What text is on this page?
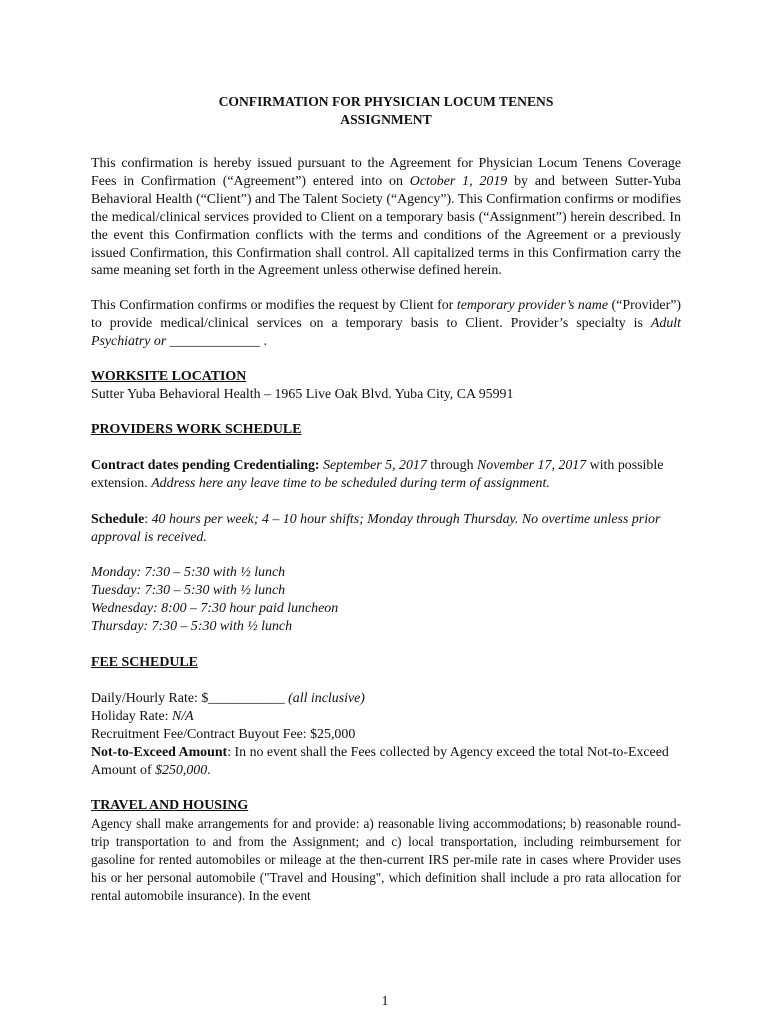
CONFIRMATION FOR PHYSICIAN LOCUM TENENS

ASSIGNMENT

This confirmation is hereby issued pursuant to the Agreement for Physician Locum Tenens Coverage Fees in Confirmation (“Agreement”) entered into on October 1, 2019 by and between Sutter-Yuba Behavioral Health (“Client”) and The Talent Society (“Agency”). This Confirmation confirms or modifies the medical/clinical services provided to Client on a temporary basis (“Assignment”) herein described. In the event this Confirmation conflicts with the terms and conditions of the Agreement or a previously issued Confirmation, this Confirmation shall control. All capitalized terms in this Confirmation carry the same meaning set forth in the Agreement unless otherwise defined herein.

This Confirmation confirms or modifies the request by Client for temporary provider’s name (“Provider”) to provide medical/clinical services on a temporary basis to Client. Provider’s specialty is Adult Psychiatry or _____________ .

WORKSITE LOCATION

Sutter Yuba Behavioral Health – 1965 Live Oak Blvd. Yuba City, CA 95991

PROVIDERS WORK SCHEDULE

Contract dates pending Credentialing: September 5, 2017 through November 17, 2017 with possible extension. Address here any leave time to be scheduled during term of assignment.

Schedule: 40 hours per week; 4 – 10 hour shifts; Monday through Thursday. No overtime unless prior approval is received.

Monday: 7:30 – 5:30 with ½ lunch

Tuesday: 7:30 – 5:30 with ½ lunch

Wednesday: 8:00 – 7:30 hour paid luncheon

Thursday: 7:30 – 5:30 with ½ lunch

FEE SCHEDULE

Daily/Hourly Rate: $___________ (all inclusive)

Holiday Rate: N/A

Recruitment Fee/Contract Buyout Fee: $25,000

Not-to-Exceed Amount: In no event shall the Fees collected by Agency exceed the total Not-to-Exceed Amount of $250,000.

TRAVEL AND HOUSING

Agency shall make arrangements for and provide: a) reasonable living accommodations; b) reasonable round-trip transportation to and from the Assignment; and c) local transportation, including reimbursement for gasoline for rented automobiles or mileage at the then-current IRS per-mile rate in cases where Provider uses his or her personal automobile ("Travel and Housing", which definition shall include a pro rata allocation for rental automobile insurance). In the event

1
